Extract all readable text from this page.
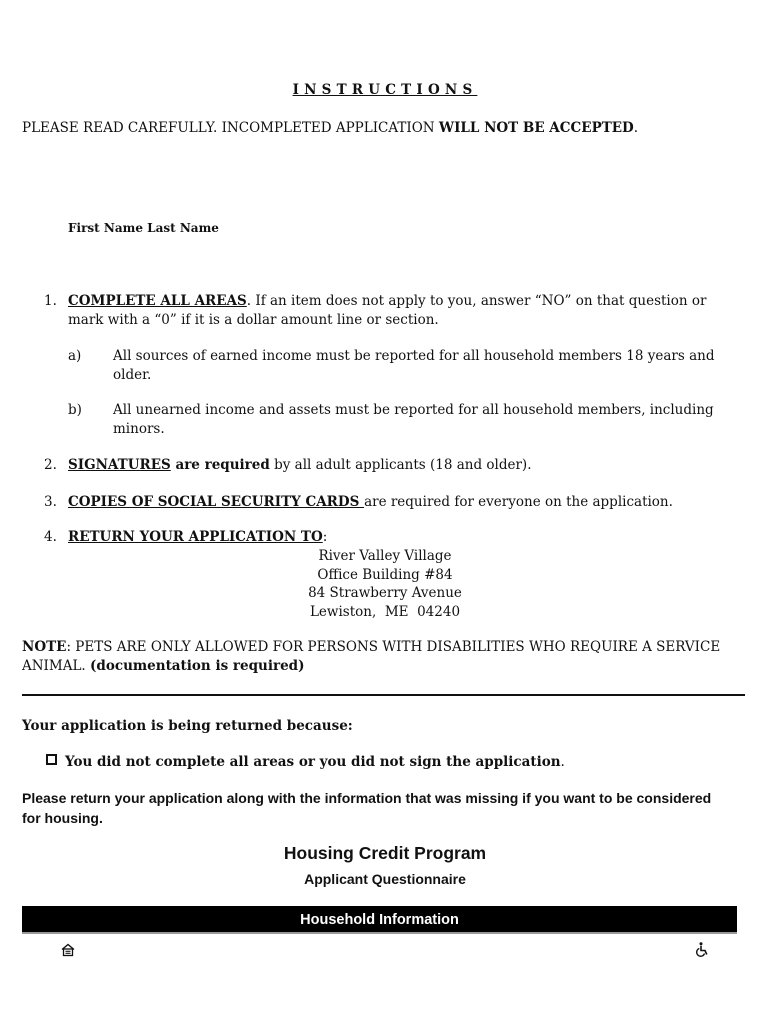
INSTRUCTIONS
PLEASE READ CAREFULLY. INCOMPLETED APPLICATION WILL NOT BE ACCEPTED.
First Name Last Name
1. COMPLETE ALL AREAS. If an item does not apply to you, answer “NO” on that question or mark with a “0” if it is a dollar amount line or section.
a) All sources of earned income must be reported for all household members 18 years and older.
b) All unearned income and assets must be reported for all household members, including minors.
2. SIGNATURES are required by all adult applicants (18 and older).
3. COPIES OF SOCIAL SECURITY CARDS are required for everyone on the application.
4. RETURN YOUR APPLICATION TO:
River Valley Village
Office Building #84
84 Strawberry Avenue
Lewiston,  ME  04240
NOTE: PETS ARE ONLY ALLOWED FOR PERSONS WITH DISABILITIES WHO REQUIRE A SERVICE ANIMAL. (documentation is required)
Your application is being returned because:
You did not complete all areas or you did not sign the application .
Please return your application along with the information that was missing if you want to be considered for housing.
Housing Credit Program
Applicant Questionnaire
Household Information
